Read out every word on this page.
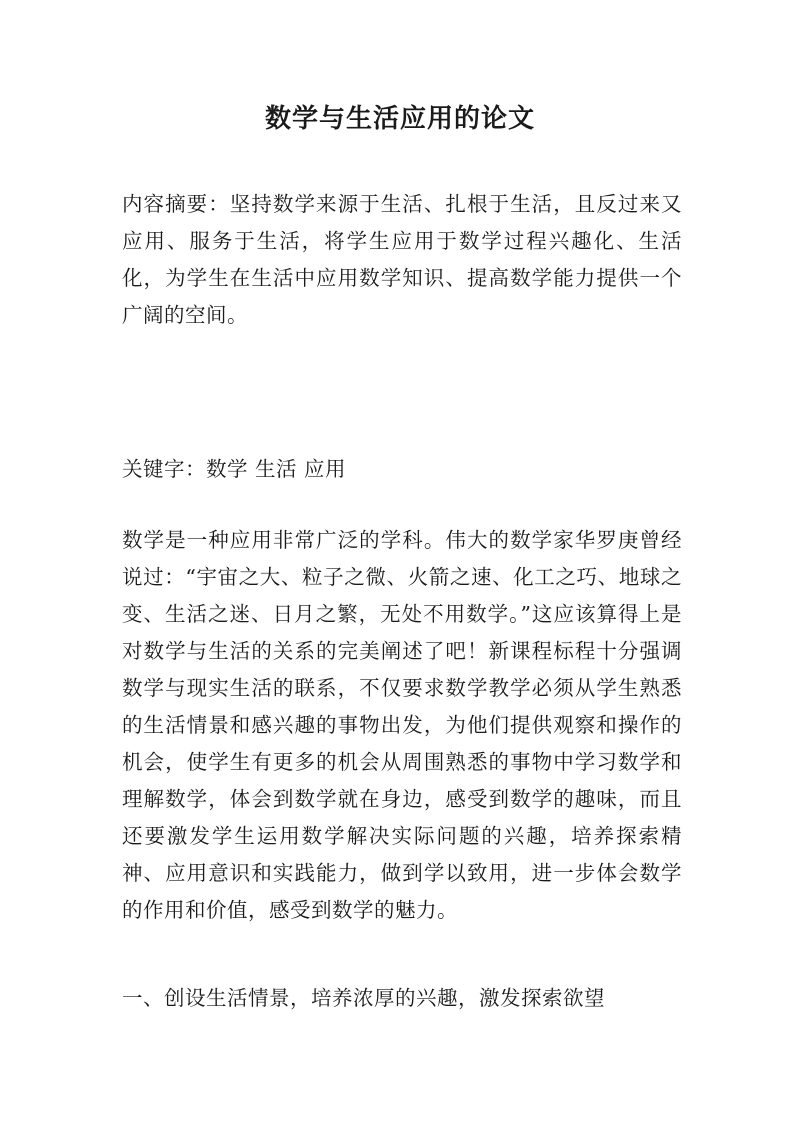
数学与生活应用的论文

内容摘要：坚持数学来源于生活、扎根于生活，且反过来又应用、服务于生活，将学生应用于数学过程兴趣化、生活化，为学生在生活中应用数学知识、提高数学能力提供一个广阔的空间。

关键字：数学 生活 应用

数学是一种应用非常广泛的学科。伟大的数学家华罗庚曾经说过：“宇宙之大、粒子之微、火箭之速、化工之巧、地球之变、生活之迷、日月之繁，无处不用数学。”这应该算得上是对数学与生活的关系的完美阐述了吧！新课程标程十分强调数学与现实生活的联系，不仅要求数学教学必须从学生熟悉的生活情景和感兴趣的事物出发，为他们提供观察和操作的机会，使学生有更多的机会从周围熟悉的事物中学习数学和理解数学，体会到数学就在身边，感受到数学的趣味，而且还要激发学生运用数学解决实际问题的兴趣，培养探索精神、应用意识和实践能力，做到学以致用，进一步体会数学的作用和价值，感受到数学的魅力。

一、创设生活情景，培养浓厚的兴趣，激发探索欲望
